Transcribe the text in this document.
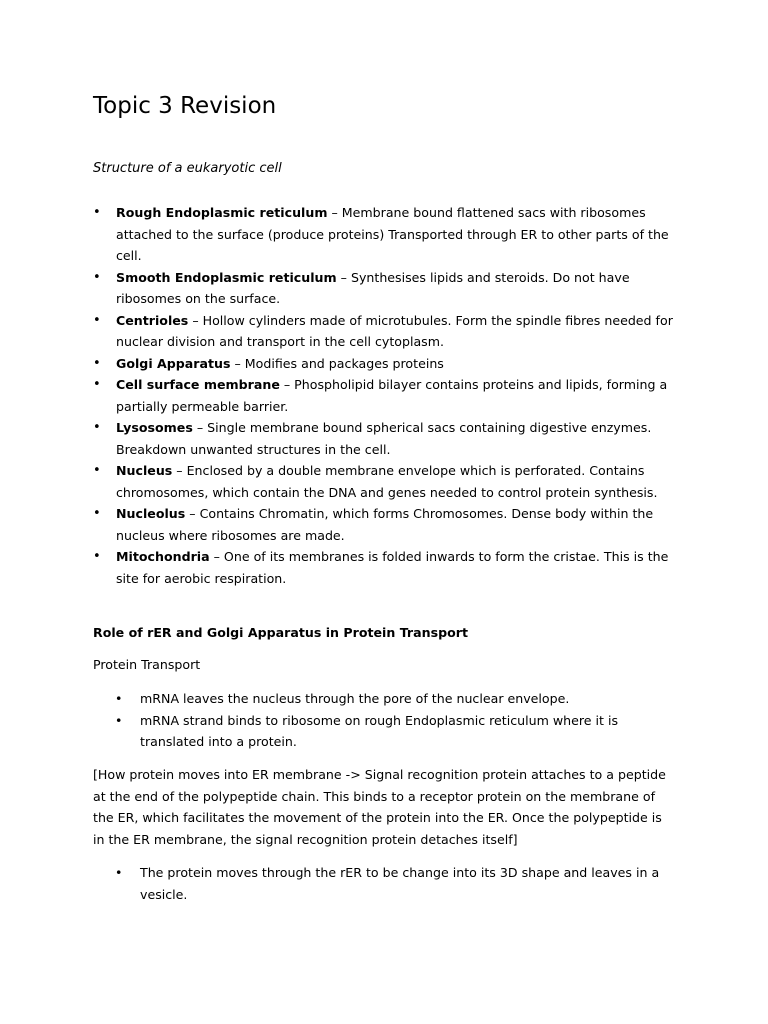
Topic 3 Revision
Structure of a eukaryotic cell
• Rough Endoplasmic reticulum – Membrane bound flattened sacs with ribosomes attached to the surface (produce proteins) Transported through ER to other parts of the cell.
• Smooth Endoplasmic reticulum – Synthesises lipids and steroids. Do not have ribosomes on the surface.
• Centrioles – Hollow cylinders made of microtubules. Form the spindle fibres needed for nuclear division and transport in the cell cytoplasm.
• Golgi Apparatus – Modifies and packages proteins
• Cell surface membrane – Phospholipid bilayer contains proteins and lipids, forming a partially permeable barrier.
• Lysosomes – Single membrane bound spherical sacs containing digestive enzymes. Breakdown unwanted structures in the cell.
• Nucleus – Enclosed by a double membrane envelope which is perforated. Contains chromosomes, which contain the DNA and genes needed to control protein synthesis.
• Nucleolus – Contains Chromatin, which forms Chromosomes. Dense body within the nucleus where ribosomes are made.
• Mitochondria – One of its membranes is folded inwards to form the cristae. This is the site for aerobic respiration.
Role of rER and Golgi Apparatus in Protein Transport
Protein Transport
• mRNA leaves the nucleus through the pore of the nuclear envelope.
• mRNA strand binds to ribosome on rough Endoplasmic reticulum where it is translated into a protein.

[How protein moves into ER membrane -> Signal recognition protein attaches to a peptide at the end of the polypeptide chain. This binds to a receptor protein on the membrane of the ER, which facilitates the movement of the protein into the ER. Once the polypeptide is in the ER membrane, the signal recognition protein detaches itself]

• The protein moves through the rER to be change into its 3D shape and leaves in a vesicle.
